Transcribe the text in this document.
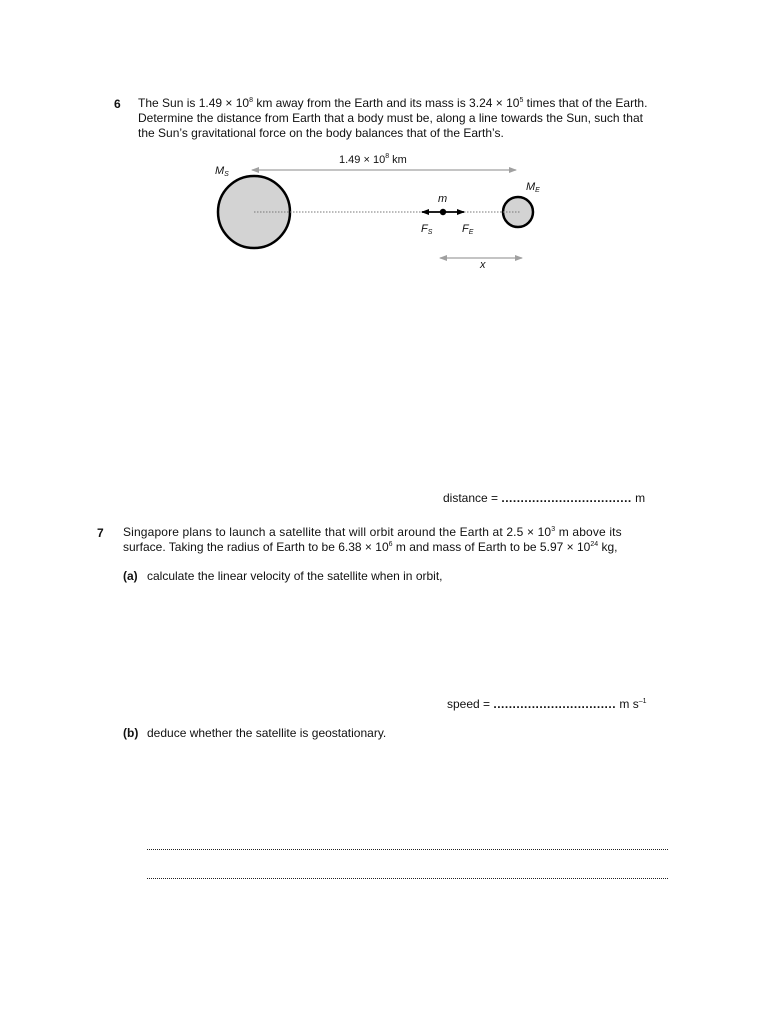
6 The Sun is $1.49 \times 10^8$ km away from the Earth and its mass is $3.24 \times 10^5$ times that of the Earth.
Determine the distance from Earth that a body must be, along a line towards the Sun, such that
the Sun’s gravitational force on the body balances that of the Earth’s.
$1.49 \times 10^8$ km
$M_S$
$M_E$
m
$F_S$	$F_E$
x
distance = .................................. m
7 Singapore plans to launch a satellite that will orbit around the Earth at $2.5 \times 10^3$ m above its
surface. Taking the radius of Earth to be $6.38 \times 10^6$ m and mass of Earth to be $5.97 \times 10^{24}$ kg,
(a) calculate the linear velocity of the satellite when in orbit,
speed = ................................ m $s^{-1}$
(b) deduce whether the satellite is geostationary.
